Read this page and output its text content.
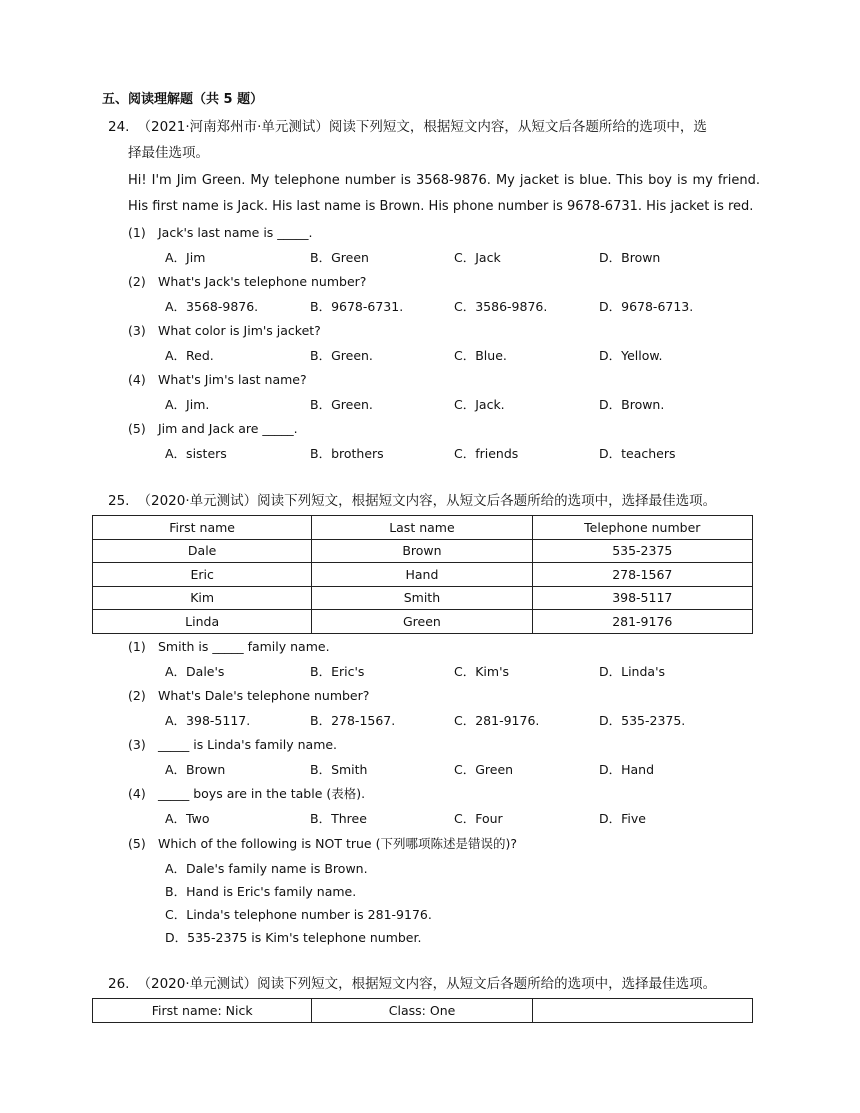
五、阅读理解题（共 5 题）
24. （2021·河南郑州市·单元测试）阅读下列短文，根据短文内容，从短文后各题所给的选项中，选
择最佳选项。
Hi! I'm Jim Green. My telephone number is 3568-9876. My jacket is blue. This boy is my friend. His first name is Jack. His last name is Brown. His phone number is 9678-6731. His jacket is red.
(1) Jack's last name is _____.
A．Jim	B．Green	C．Jack	D．Brown
(2) What's Jack's telephone number?
A．3568-9876.	B．9678-6731.	C．3586-9876.	D．9678-6713.
(3) What color is Jim's jacket?
A．Red.	B．Green.	C．Blue.	D．Yellow.
(4) What's Jim's last name?
A．Jim.	B．Green.	C．Jack.	D．Brown.
(5) Jim and Jack are _____.
A．sisters	B．brothers	C．friends	D．teachers
25. （2020·单元测试）阅读下列短文，根据短文内容，从短文后各题所给的选项中，选择最佳选项。
First name	Last name	Telephone number
Dale	Brown	535-2375
Eric	Hand	278-1567
Kim	Smith	398-5117
Linda	Green	281-9176
(1) Smith is _____ family name.
A．Dale's	B．Eric's	C．Kim's	D．Linda's
(2) What's Dale's telephone number?
A．398-5117.	B．278-1567.	C．281-9176.	D．535-2375.
(3) _____ is Linda's family name.
A．Brown	B．Smith	C．Green	D．Hand
(4) _____ boys are in the table (表格).
A．Two	B．Three	C．Four	D．Five
(5) Which of the following is NOT true (下列哪项陈述是错误的)?
A．Dale's family name is Brown.
B．Hand is Eric's family name.
C．Linda's telephone number is 281-9176.
D．535-2375 is Kim's telephone number.
26. （2020·单元测试）阅读下列短文，根据短文内容，从短文后各题所给的选项中，选择最佳选项。
First name: Nick	Class: One	
